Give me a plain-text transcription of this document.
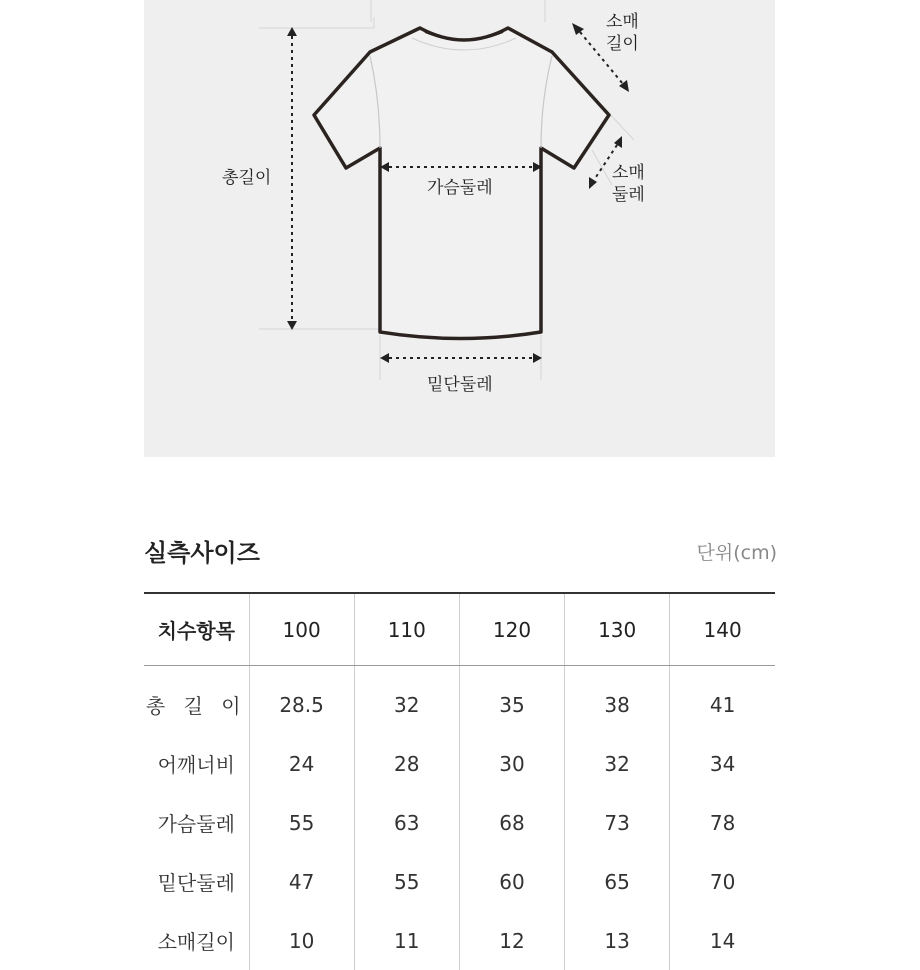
총길이	가슴둘레
밑단둘레
소매
길이
소매
둘레
실측사이즈	단위(cm)
치수항목	100	110	120	130	140
총 길 이	28.5	32	35	38	41
어깨너비	24	28	30	32	34
가슴둘레	55	63	68	73	78
밑단둘레	47	55	60	65	70
소매길이	10	11	12	13	14
